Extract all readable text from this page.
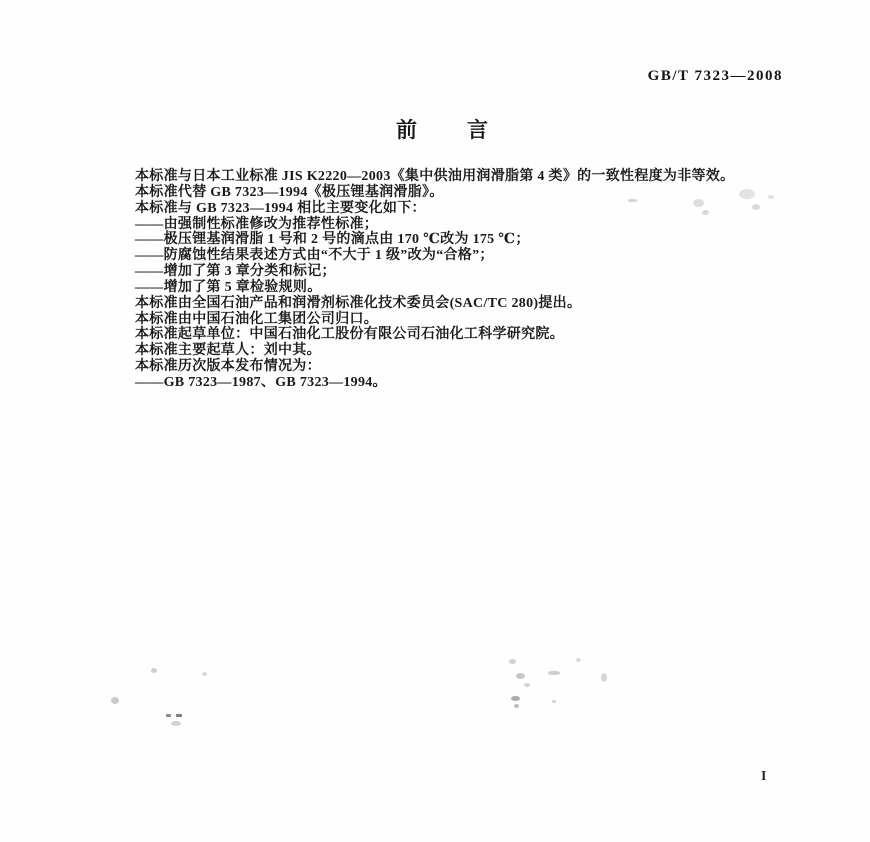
GB/T 7323—2008
前 言
本标准与日本工业标准 JIS K2220—2003《集中供油用润滑脂第 4 类》的一致性程度为非等效。
本标准代替 GB 7323—1994《极压锂基润滑脂》。
本标准与 GB 7323—1994 相比主要变化如下：
——由强制性标准修改为推荐性标准；
——极压锂基润滑脂 1 号和 2 号的滴点由 170 ℃改为 175 ℃；
——防腐蚀性结果表述方式由“不大于 1 级”改为“合格”；
——增加了第 3 章分类和标记；
——增加了第 5 章检验规则。
本标准由全国石油产品和润滑剂标准化技术委员会(SAC/TC 280)提出。
本标准由中国石油化工集团公司归口。
本标准起草单位：中国石油化工股份有限公司石油化工科学研究院。
本标准主要起草人：刘中其。
本标准历次版本发布情况为：
——GB 7323—1987、GB 7323—1994。
I
